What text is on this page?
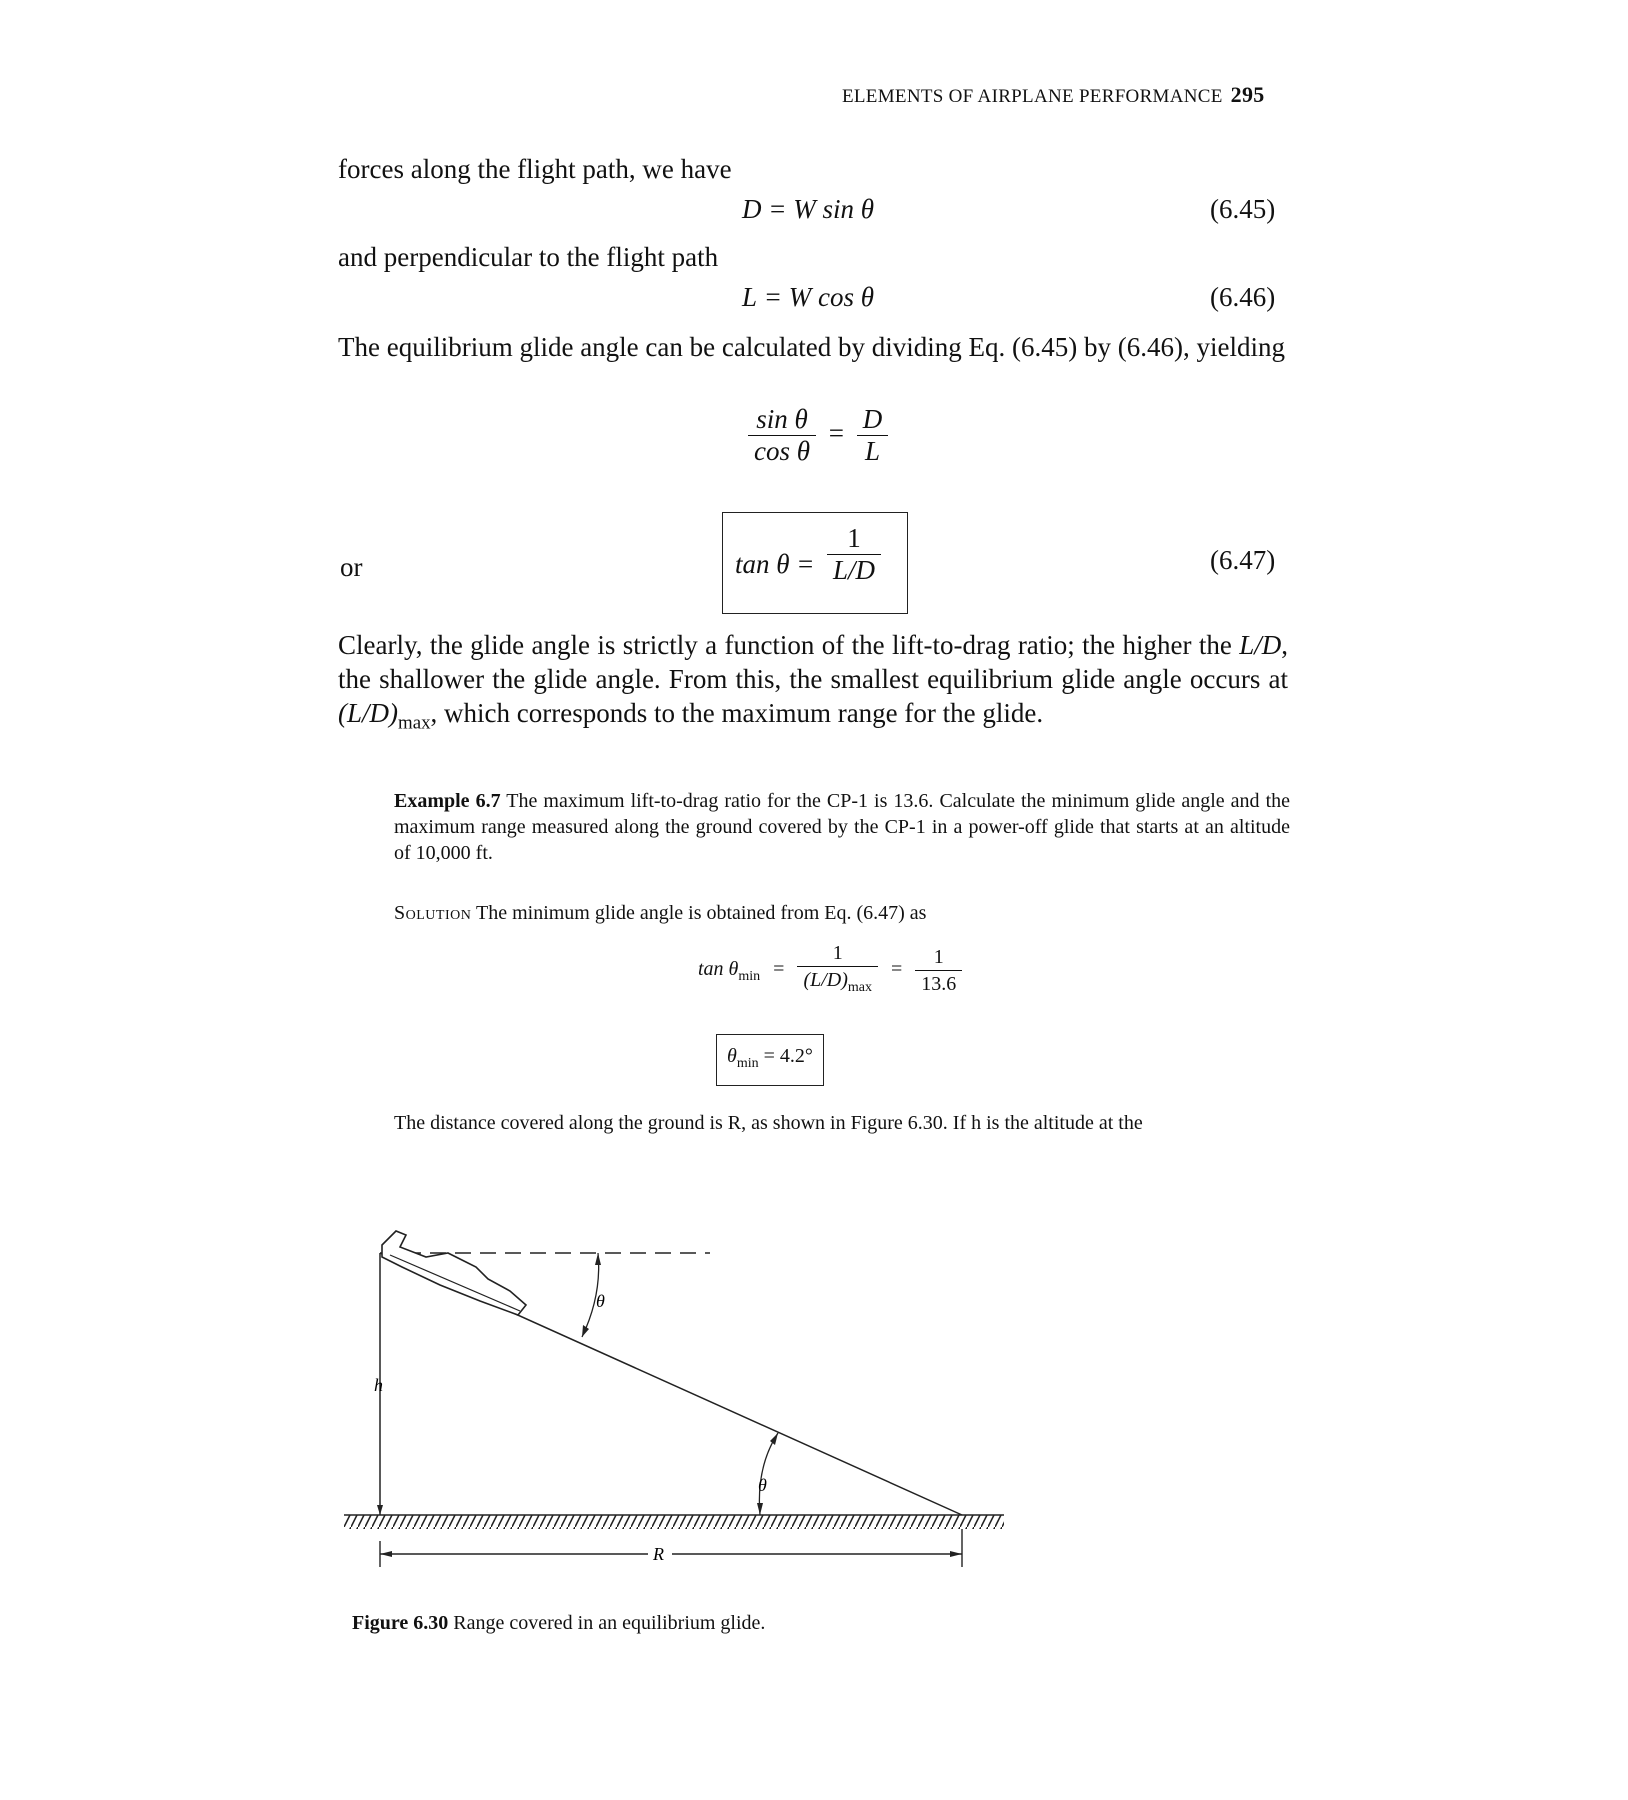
ELEMENTS OF AIRPLANE PERFORMANCE 295
forces along the flight path, we have
D = W sin θ	(6.45)
and perpendicular to the flight path
L = W cos θ	(6.46)
The equilibrium glide angle can be calculated by dividing Eq. (6.45) by (6.46), yielding
$\frac{\text{sin θ}}{\text{cos θ}} = \frac{D}{L}$
or	$\tan \theta = \frac{1}{L/D}$	(6.47)
Clearly, the glide angle is strictly a function of the lift-to-drag ratio; the higher the L/D, the shallower the glide angle. From this, the smallest equilibrium glide angle occurs at $(L/D)_{max}$, which corresponds to the maximum range for the glide.
Example 6.7 The maximum lift-to-drag ratio for the CP-1 is 13.6. Calculate the minimum glide angle and the maximum range measured along the ground covered by the CP-1 in a power-off glide that starts at an altitude of 10,000 ft.
Solution The minimum glide angle is obtained from Eq. (6.47) as
$\tan \theta_{min} = \frac{1}{(L/D)_{max}} = \frac{1}{13.6}$
$\theta_{min} = 4.2^\circ$
The distance covered along the ground is R, as shown in Figure 6.30. If h is the altitude at the
θ
θ
h
R
Figure 6.30 Range covered in an equilibrium glide.
